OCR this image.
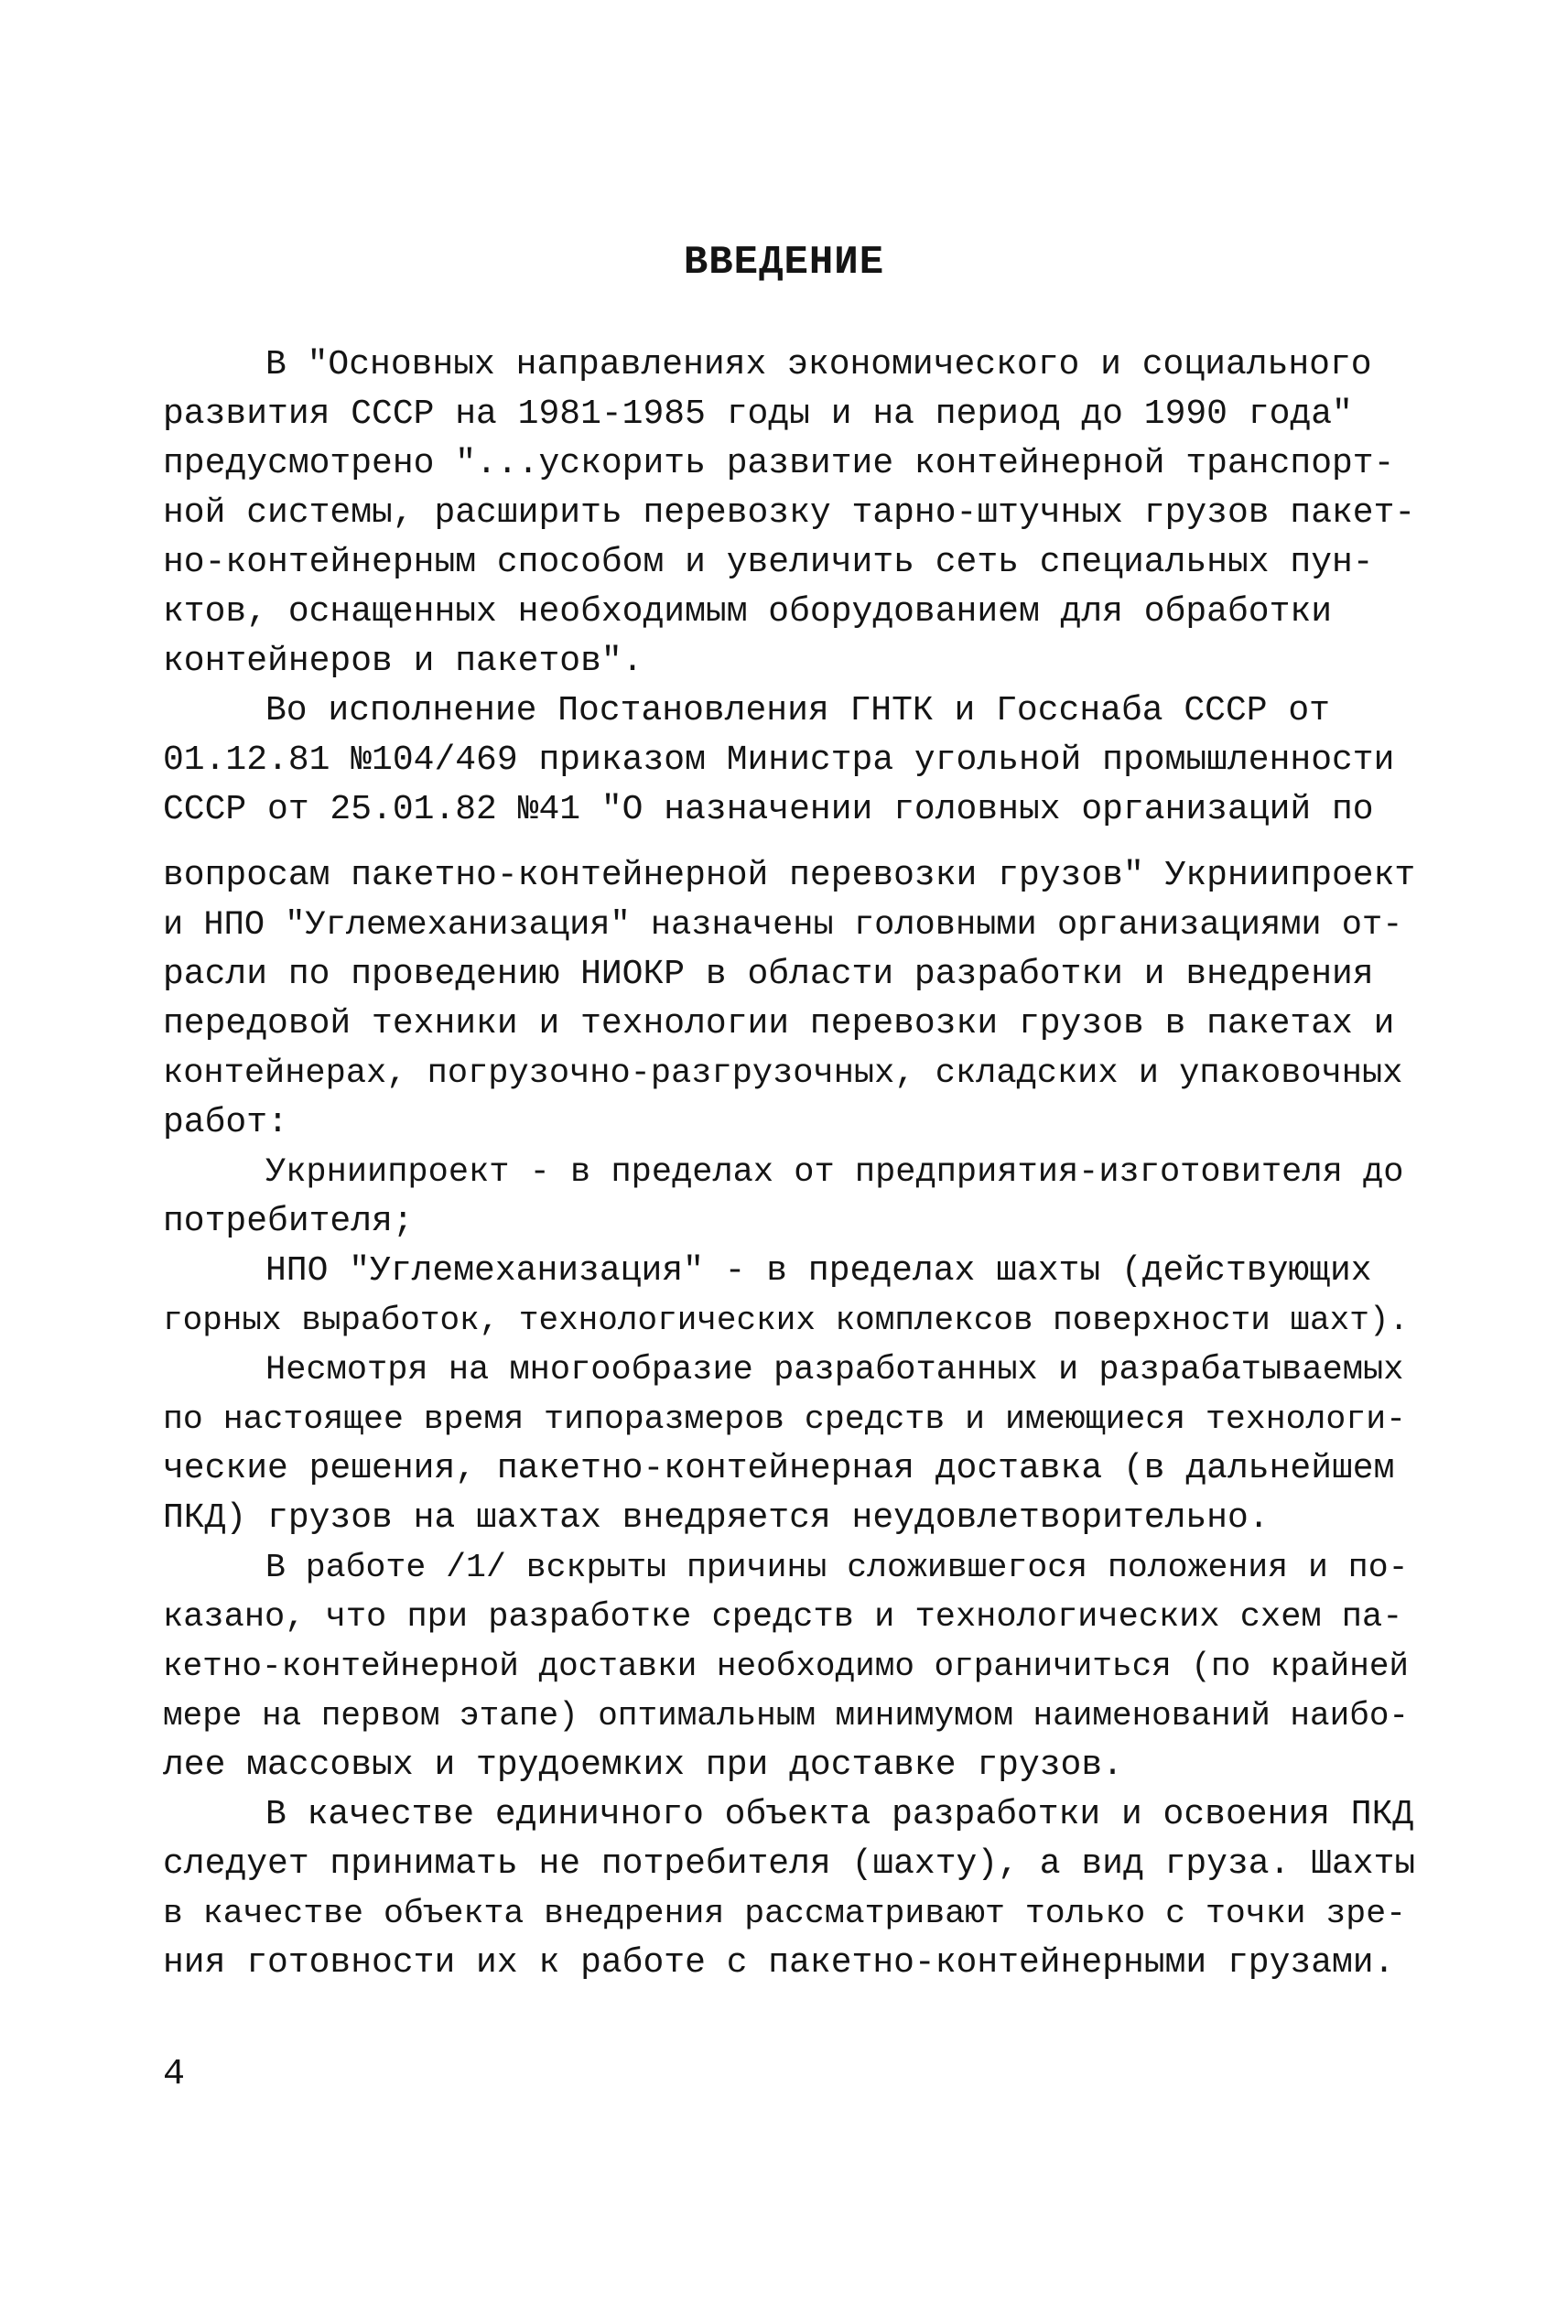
ВВЕДЕНИЕ
В "Основных направлениях экономического и социального
развития СССР на 1981-1985 годы и на период до 1990 года"
предусмотрено "...ускорить развитие контейнерной транспорт-
ной системы, расширить перевозку тарно-штучных грузов пакет-
но-контейнерным способом и увеличить сеть специальных пун-
ктов, оснащенных необходимым оборудованием для обработки
контейнеров и пакетов".
Во исполнение Постановления ГНТК и Госснаба СССР от
01.12.81 №104/469 приказом Министра угольной промышленности
СССР от 25.01.82 №41 "О назначении головных организаций по
вопросам пакетно-контейнерной перевозки грузов" Укрниипроект
и НПО "Углемеханизация" назначены головными организациями от-
расли по проведению НИОКР в области разработки и внедрения
передовой техники и технологии перевозки грузов в пакетах и
контейнерах, погрузочно-разгрузочных, складских и упаковочных
работ:
Укрниипроект - в пределах от предприятия-изготовителя до
потребителя;
НПО "Углемеханизация" - в пределах шахты (действующих
горных выработок, технологических комплексов поверхности шахт).
Несмотря на многообразие разработанных и разрабатываемых
по настоящее время типоразмеров средств и имеющиеся технологи-
ческие решения, пакетно-контейнерная доставка (в дальнейшем
ПКД) грузов на шахтах внедряется неудовлетворительно.
В работе /1/ вскрыты причины сложившегося положения и по-
казано, что при разработке средств и технологических схем па-
кетно-контейнерной доставки необходимо ограничиться (по крайней
мере на первом этапе) оптимальным минимумом наименований наибо-
лее массовых и трудоемких при доставке грузов.
В качестве единичного объекта разработки и освоения ПКД
следует принимать не потребителя (шахту), а вид груза. Шахты
в качестве объекта внедрения рассматривают только с точки зре-
ния готовности их к работе с пакетно-контейнерными грузами.
4
